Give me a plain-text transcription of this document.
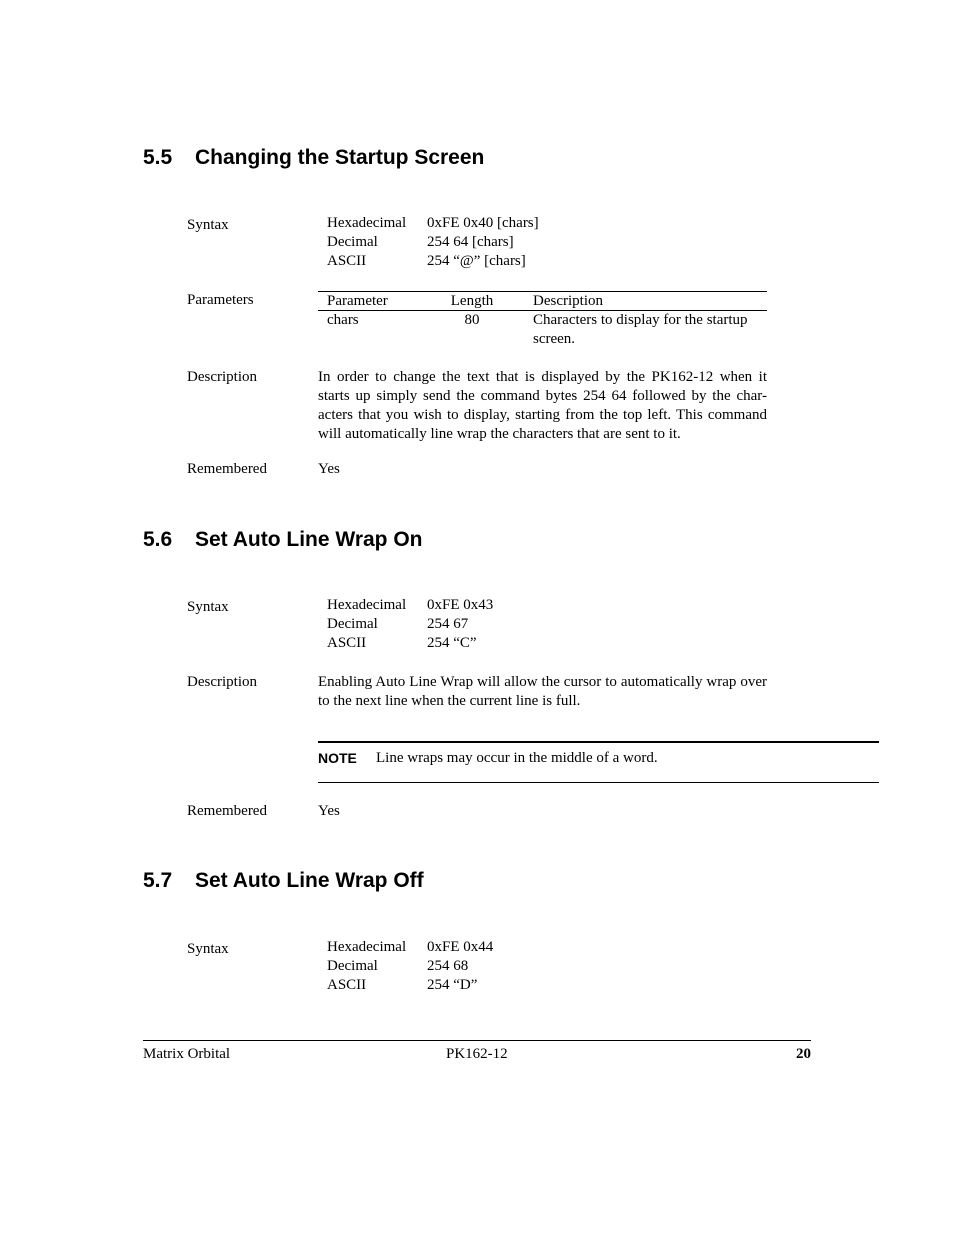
5.5 Changing the Startup Screen
Syntax	Hexadecimal	0xFE 0x40 [chars]
Decimal	254 64 [chars]
ASCII	254 “@” [chars]
Parameters	Parameter	Length	Description
chars	80	Characters to display for the startup screen.
Description	In order to change the text that is displayed by the PK162-12 when it starts up simply send the command bytes 254 64 followed by the char-acters that you wish to display, starting from the top left. This command will automatically line wrap the characters that are sent to it.
Remembered	Yes
5.6 Set Auto Line Wrap On
Syntax	Hexadecimal	0xFE 0x43
Decimal	254 67
ASCII	254 “C”
Description	Enabling Auto Line Wrap will allow the cursor to automatically wrap over to the next line when the current line is full.
NOTE Line wraps may occur in the middle of a word.
Remembered	Yes
5.7 Set Auto Line Wrap Off
Syntax	Hexadecimal	0xFE 0x44
Decimal	254 68
ASCII	254 “D”
Matrix Orbital	PK162-12	20
